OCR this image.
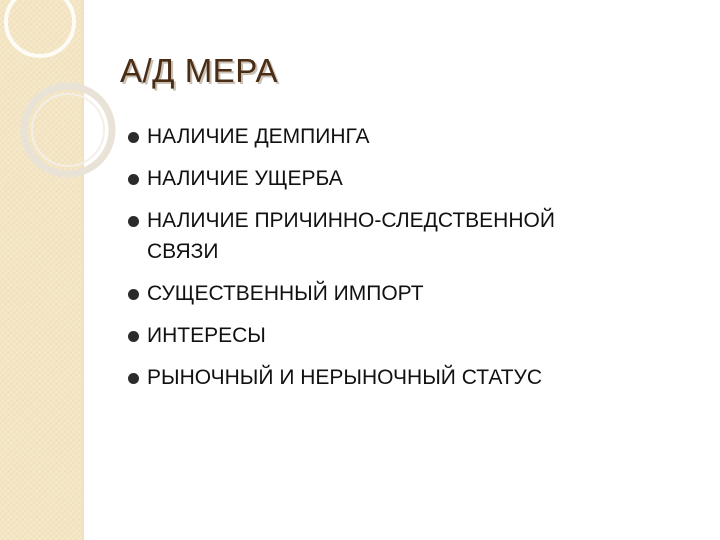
А/Д МЕРА
НАЛИЧИЕ ДЕМПИНГА
НАЛИЧИЕ УЩЕРБА
НАЛИЧИЕ ПРИЧИННО-СЛЕДСТВЕННОЙ СВЯЗИ
СУЩЕСТВЕННЫЙ ИМПОРТ
ИНТЕРЕСЫ
РЫНОЧНЫЙ И НЕРЫНОЧНЫЙ СТАТУС
